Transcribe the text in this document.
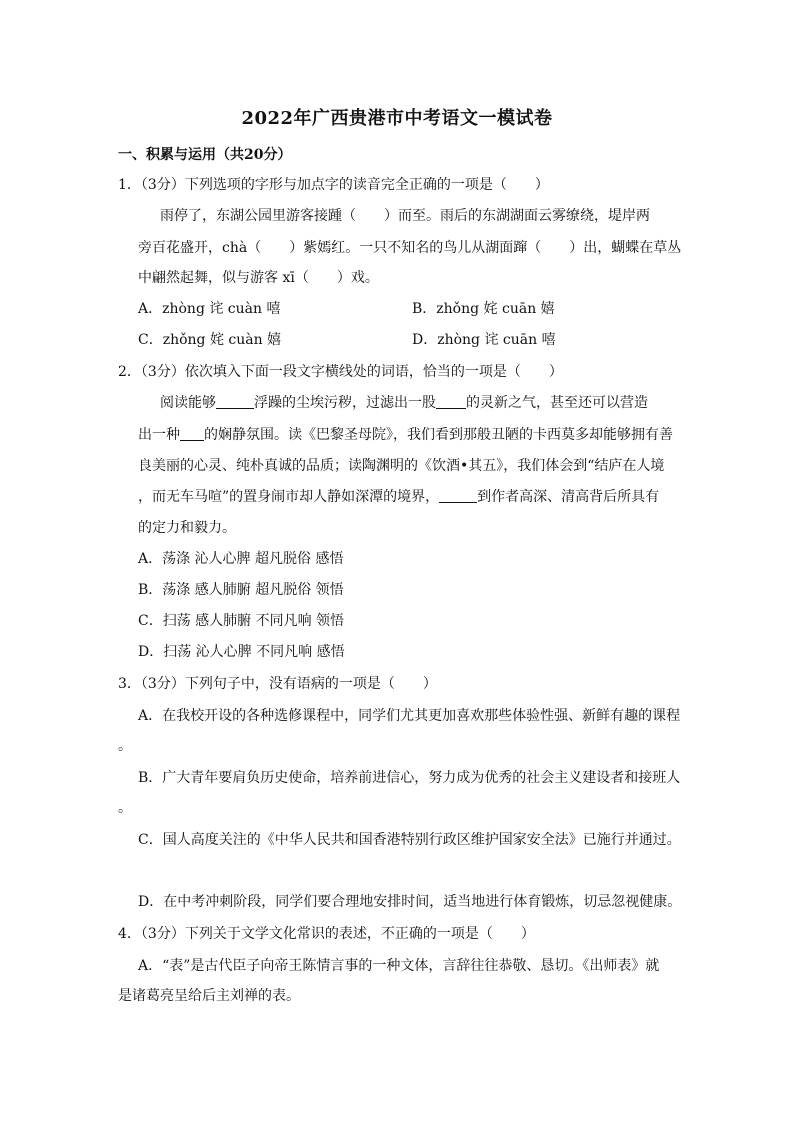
2022年广西贵港市中考语文一模试卷
一、积累与运用（共20分）
1．（3分）下列选项的字形与加点字的读音完全正确的一项是（　　）
雨停了，东湖公园里游客接踵（　　）而至。雨后的东湖湖面云雾缭绕，堤岸两
旁百花盛开，chà（　　）紫嫣红。一只不知名的鸟儿从湖面蹿（　　）出，蝴蝶在草丛
中翩然起舞，似与游客 xī（　　）戏。
A．zhòng 诧 cuàn 嘻	B．zhǒng 姹 cuān 嬉
C．zhǒng 姹 cuàn 嬉	D．zhòng 诧 cuān 嘻
2．（3分）依次填入下面一段文字横线处的词语，恰当的一项是（　　）
阅读能够	浮躁的尘埃污秽，过滤出一股 的灵新之气，甚至还可以营造
出一种 的娴静氛围。读《巴黎圣母院》，我们看到那般丑陋的卡西莫多却能够拥有善
良美丽的心灵、纯朴真诚的品质；读陶渊明的《饮酒•其五》，我们体会到“结庐在人境
，而无车马喧”的置身闹市却人静如深潭的境界，	到作者高深、清高背后所具有
的定力和毅力。
A．荡涤 沁人心脾 超凡脱俗 感悟
B．荡涤 感人肺腑 超凡脱俗 领悟
C．扫荡 感人肺腑 不同凡响 领悟
D．扫荡 沁人心脾 不同凡响 感悟
3．（3分）下列句子中，没有语病的一项是（　　）
A．在我校开设的各种选修课程中，同学们尤其更加喜欢那些体验性强、新鲜有趣的课程
。
B．广大青年要肩负历史使命，培养前进信心，努力成为优秀的社会主义建设者和接班人
。
C．国人高度关注的《中华人民共和国香港特别行政区维护国家安全法》已施行并通过。
D．在中考冲刺阶段，同学们要合理地安排时间，适当地进行体育锻炼，切忌忽视健康。
4．（3分）下列关于文学文化常识的表述，不正确的一项是（　　）
A．“表”是古代臣子向帝王陈情言事的一种文体，言辞往往恭敬、恳切。《出师表》就
是诸葛亮呈给后主刘禅的表。
